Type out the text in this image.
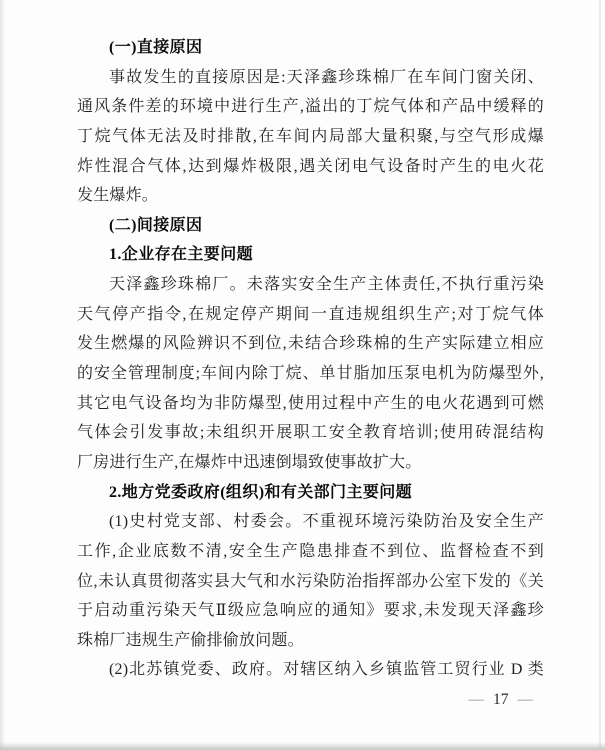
(一)直接原因
事故发生的直接原因是:天泽鑫珍珠棉厂在车间门窗关闭、
通风条件差的环境中进行生产,溢出的丁烷气体和产品中缓释的
丁烷气体无法及时排散,在车间内局部大量积聚,与空气形成爆
炸性混合气体,达到爆炸极限,遇关闭电气设备时产生的电火花
发生爆炸。
(二)间接原因
1.企业存在主要问题
天泽鑫珍珠棉厂。未落实安全生产主体责任,不执行重污染
天气停产指令,在规定停产期间一直违规组织生产;对丁烷气体
发生燃爆的风险辨识不到位,未结合珍珠棉的生产实际建立相应
的安全管理制度;车间内除丁烷、单甘脂加压泵电机为防爆型外,
其它电气设备均为非防爆型,使用过程中产生的电火花遇到可燃
气体会引发事故;未组织开展职工安全教育培训;使用砖混结构
厂房进行生产,在爆炸中迅速倒塌致使事故扩大。
2.地方党委政府(组织)和有关部门主要问题
(1)史村党支部、村委会。不重视环境污染防治及安全生产
工作,企业底数不清,安全生产隐患排查不到位、监督检查不到
位,未认真贯彻落实县大气和水污染防治指挥部办公室下发的《关
于启动重污染天气Ⅱ级应急响应的通知》要求,未发现天泽鑫珍
珠棉厂违规生产偷排偷放问题。
(2)北苏镇党委、政府。对辖区纳入乡镇监管工贸行业 D 类
— 17 —
